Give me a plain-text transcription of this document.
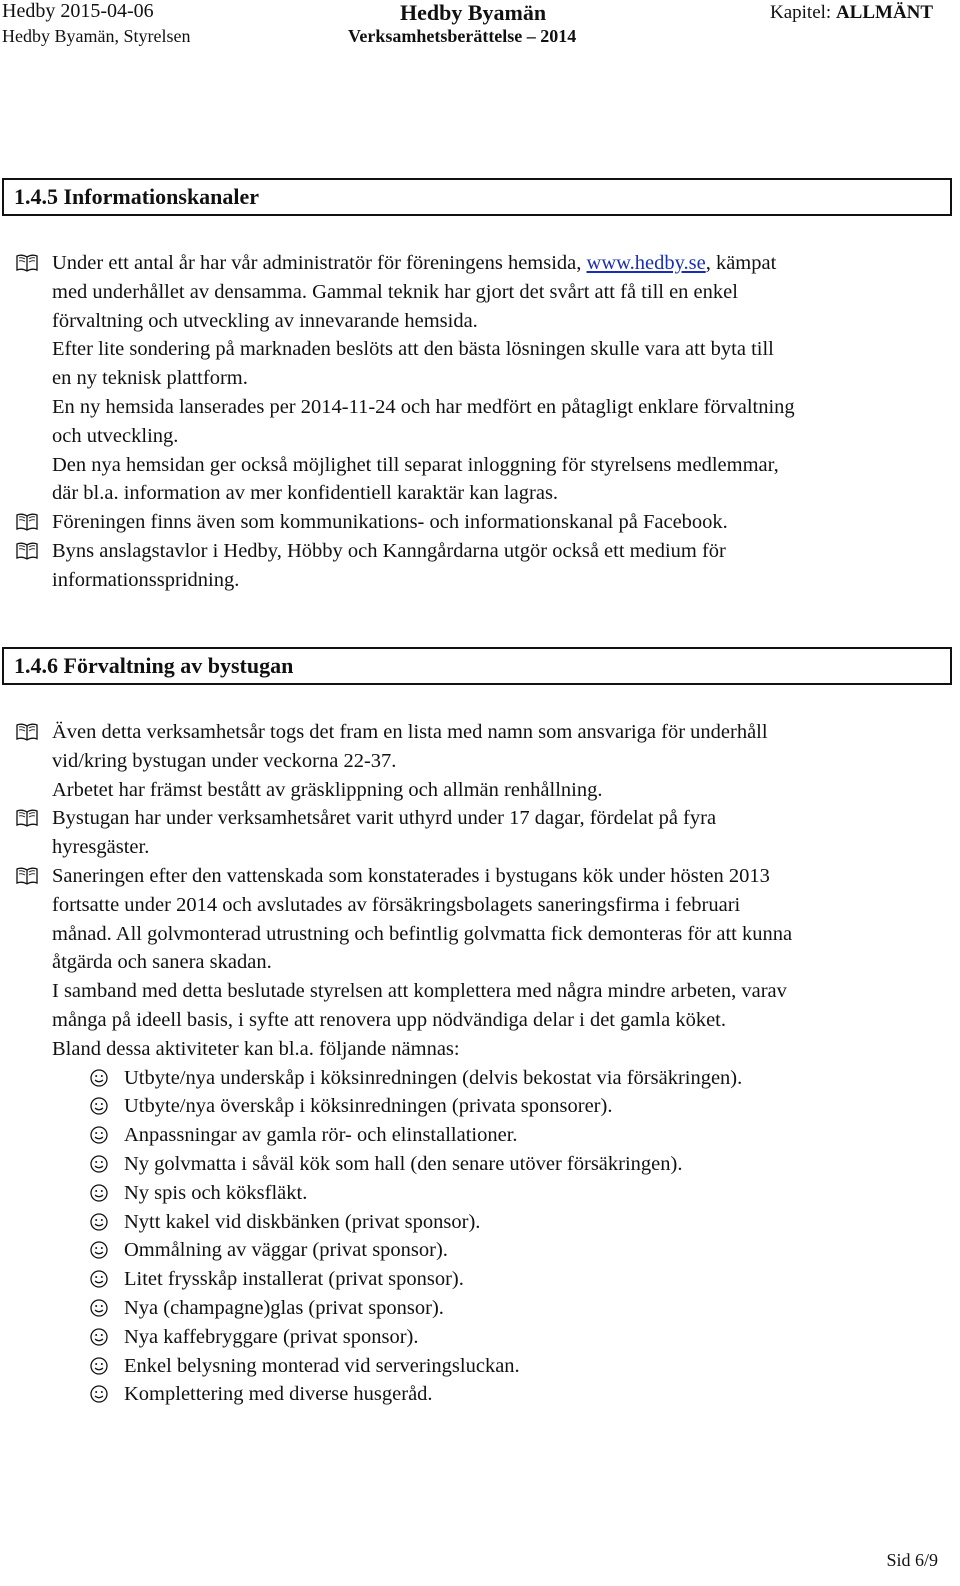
Hedby 2015-04-06
Hedby Byamän, Styrelsen
Hedby Byamän
Verksamhetsberättelse – 2014
Kapitel: ALLMÄNT
1.4.5 Informationskanaler
Under ett antal år har vår administratör för föreningens hemsida, www.hedby.se, kämpat
med underhållet av densamma. Gammal teknik har gjort det svårt att få till en enkel
förvaltning och utveckling av innevarande hemsida.
Efter lite sondering på marknaden beslöts att den bästa lösningen skulle vara att byta till
en ny teknisk plattform.
En ny hemsida lanserades per 2014-11-24 och har medfört en påtagligt enklare förvaltning
och utveckling.
Den nya hemsidan ger också möjlighet till separat inloggning för styrelsens medlemmar,
där bl.a. information av mer konfidentiell karaktär kan lagras.
Föreningen finns även som kommunikations- och informationskanal på Facebook.
Byns anslagstavlor i Hedby, Höbby och Kanngårdarna utgör också ett medium för
informationsspridning.
1.4.6 Förvaltning av bystugan
Även detta verksamhetsår togs det fram en lista med namn som ansvariga för underhåll
vid/kring bystugan under veckorna 22-37.
Arbetet har främst bestått av gräsklippning och allmän renhållning.
Bystugan har under verksamhetsåret varit uthyrd under 17 dagar, fördelat på fyra
hyresgäster.
Saneringen efter den vattenskada som konstaterades i bystugans kök under hösten 2013
fortsatte under 2014 och avslutades av försäkringsbolagets saneringsfirma i februari
månad. All golvmonterad utrustning och befintlig golvmatta fick demonteras för att kunna
åtgärda och sanera skadan.
I samband med detta beslutade styrelsen att komplettera med några mindre arbeten, varav
många på ideell basis, i syfte att renovera upp nödvändiga delar i det gamla köket.
Bland dessa aktiviteter kan bl.a. följande nämnas:
Utbyte/nya underskåp i köksinredningen (delvis bekostat via försäkringen).
Utbyte/nya överskåp i köksinredningen (privata sponsorer).
Anpassningar av gamla rör- och elinstallationer.
Ny golvmatta i såväl kök som hall (den senare utöver försäkringen).
Ny spis och köksfläkt.
Nytt kakel vid diskbänken (privat sponsor).
Ommålning av väggar (privat sponsor).
Litet frysskåp installerat (privat sponsor).
Nya (champagne)glas (privat sponsor).
Nya kaffebryggare (privat sponsor).
Enkel belysning monterad vid serveringsluckan.
Komplettering med diverse husgeråd.
Sid 6/9
